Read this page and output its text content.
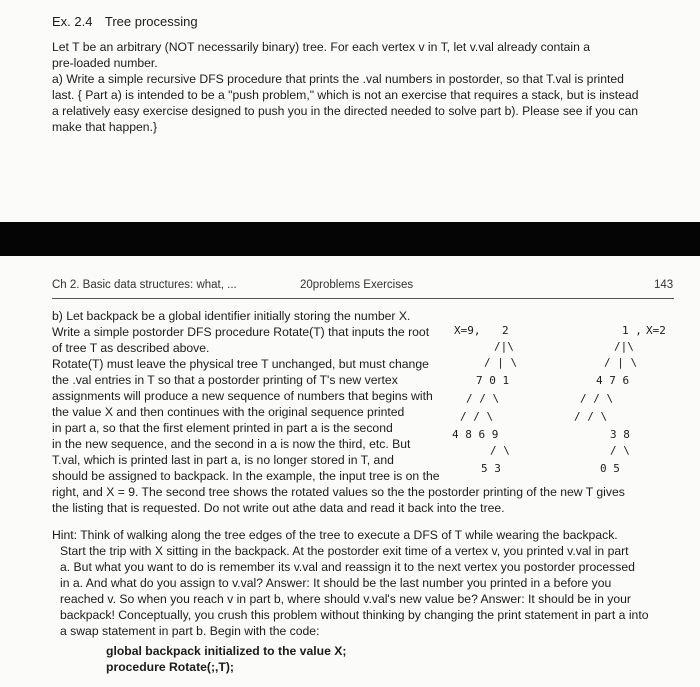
Ex. 2.4 Tree processing
Let T be an arbitrary (NOT necessarily binary) tree. For each vertex v in T, let v.val already contain a
pre-loaded number.
a) Write a simple recursive DFS procedure that prints the .val numbers in postorder, so that T.val is printed
last. { Part a) is intended to be a "push problem," which is not an exercise that requires a stack, but is instead
a relatively easy exercise designed to push you in the directed needed to solve part b). Please see if you can
make that happen.}
Ch 2. Basic data structures: what, ...	20problems Exercises	143
b) Let backpack be a global identifier initially storing the number X.
Write a simple postorder DFS procedure Rotate(T) that inputs the root
of tree T as described above.
Rotate(T) must leave the physical tree T unchanged, but must change
the .val entries in T so that a postorder printing of T's new vertex
assignments will produce a new sequence of numbers that begins with
the value X and then continues with the original sequence printed
in part a, so that the first element printed in part a is the second
in the new sequence, and the second in a is now the third, etc. But
T.val, which is printed last in part a, is no longer stored in T, and
should be assigned to backpack. In the example, the input tree is on the
right, and X = 9. The second tree shows the rotated values so the the postorder printing of the new T gives
the listing that is requested. Do not write out athe data and read it back into the tree.
X=9, 2
/|\
/ | \
7 0 1
/ / \
/ / \
4 8 6 9
/ \
5 3
1 , X=2
/|\
/ | \
4 7 6
/ / \
/ / \
3 8
/ \
0 5
Hint: Think of walking along the tree edges of the tree to execute a DFS of T while wearing the backpack.
Start the trip with X sitting in the backpack. At the postorder exit time of a vertex v, you printed v.val in part
a. But what you want to do is remember its v.val and reassign it to the next vertex you postorder processed
in a. And what do you assign to v.val? Answer: It should be the last number you printed in a before you
reached v. So when you reach v in part b, where should v.val's new value be? Answer: It should be in your
backpack! Conceptually, you crush this problem without thinking by changing the print statement in part a into
a swap statement in part b. Begin with the code:
global backpack initialized to the value X;
procedure Rotate(;,T);
